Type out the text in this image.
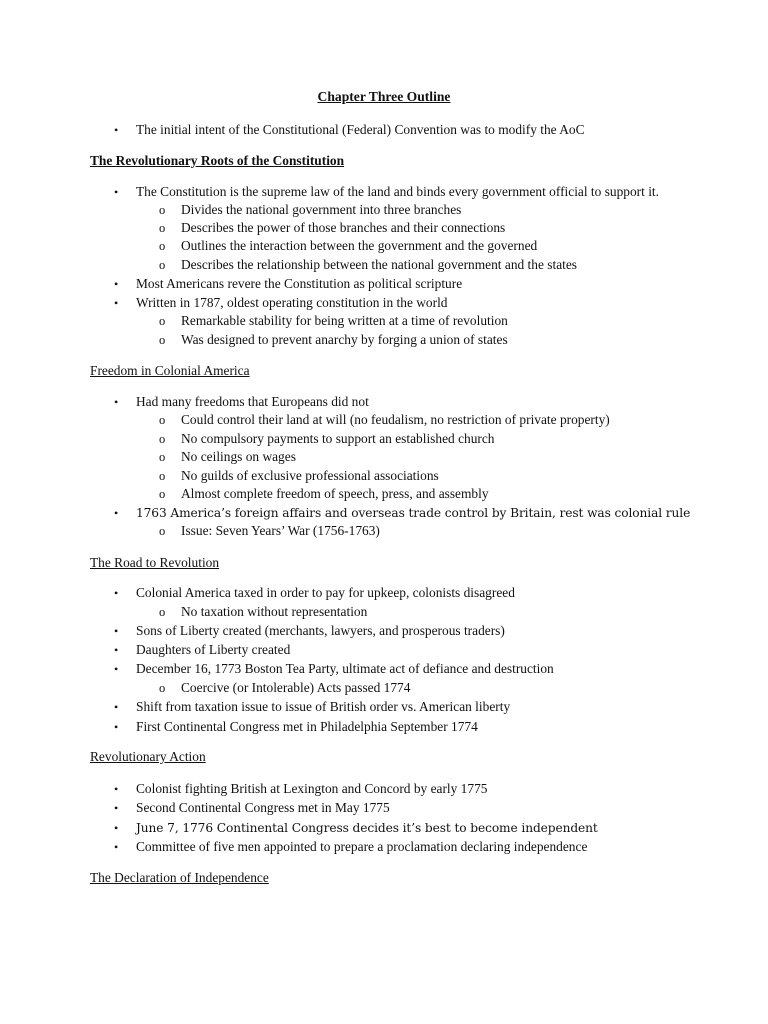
Chapter Three Outline
• The initial intent of the Constitutional (Federal) Convention was to modify the AoC
The Revolutionary Roots of the Constitution
• The Constitution is the supreme law of the land and binds every government official to support it.
o Divides the national government into three branches
o Describes the power of those branches and their connections
o Outlines the interaction between the government and the governed
o Describes the relationship between the national government and the states
• Most Americans revere the Constitution as political scripture
• Written in 1787, oldest operating constitution in the world
o Remarkable stability for being written at a time of revolution
o Was designed to prevent anarchy by forging a union of states
Freedom in Colonial America
• Had many freedoms that Europeans did not
o Could control their land at will (no feudalism, no restriction of private property)
o No compulsory payments to support an established church
o No ceilings on wages
o No guilds of exclusive professional associations
o Almost complete freedom of speech, press, and assembly
• 1763 America’s foreign affairs and overseas trade control by Britain, rest was colonial rule
o Issue: Seven Years’ War (1756-1763)
The Road to Revolution
• Colonial America taxed in order to pay for upkeep, colonists disagreed
o No taxation without representation
• Sons of Liberty created (merchants, lawyers, and prosperous traders)
• Daughters of Liberty created
• December 16, 1773 Boston Tea Party, ultimate act of defiance and destruction
o Coercive (or Intolerable) Acts passed 1774
• Shift from taxation issue to issue of British order vs. American liberty
• First Continental Congress met in Philadelphia September 1774
Revolutionary Action
• Colonist fighting British at Lexington and Concord by early 1775
• Second Continental Congress met in May 1775
• June 7, 1776 Continental Congress decides it’s best to become independent
• Committee of five men appointed to prepare a proclamation declaring independence
The Declaration of Independence
